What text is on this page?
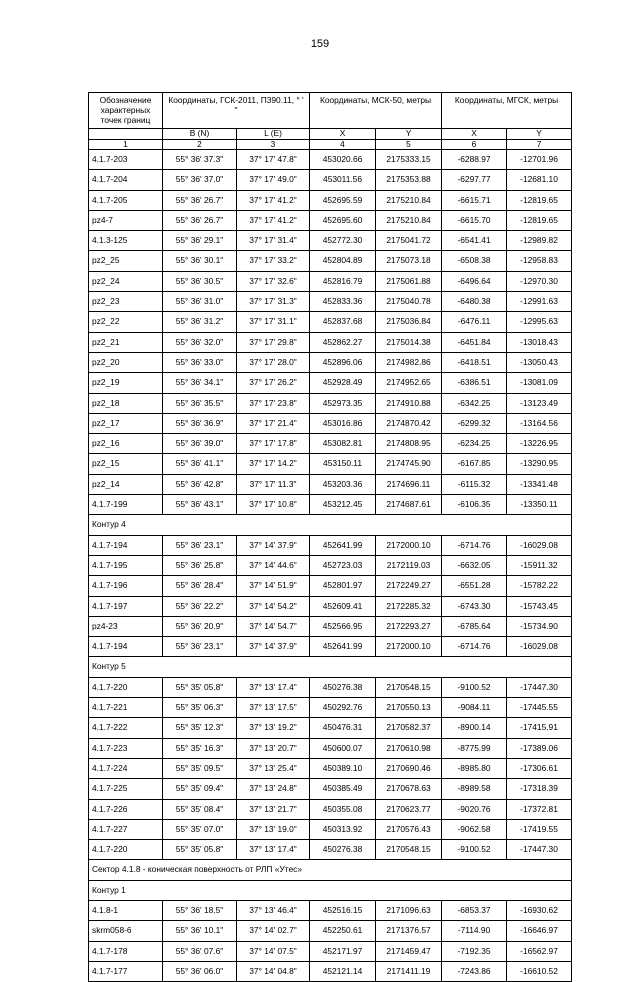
159
Обозначение характерных точек границ	Координаты, ГСК-2011, П390.11, ° ' "		Координаты, МСК-50, метры		Координаты, МГСК, метры	
	B (N)	L (E)	X	Y	X	Y
1	2	3	4	5	6	7
4.1.7-203	55° 36' 37.3"	37° 17' 47.8"	453020.66	2175333.15	-6288.97	-12701.96
4.1.7-204	55° 36' 37.0"	37° 17' 49.0"	453011.56	2175353.88	-6297.77	-12681.10
4.1.7-205	55° 36' 26.7"	37° 17' 41.2"	452695.59	2175210.84	-6615.71	-12819.65
pz4-7	55° 36' 26.7"	37° 17' 41.2"	452695.60	2175210.84	-6615.70	-12819.65
4.1.3-125	55° 36' 29.1"	37° 17' 31.4"	452772.30	2175041.72	-6541.41	-12989.82
pz2_25	55° 36' 30.1"	37° 17' 33.2"	452804.89	2175073.18	-6508.38	-12958.83
pz2_24	55° 36' 30.5"	37° 17' 32.6"	452816.79	2175061.88	-6496.64	-12970.30
pz2_23	55° 36' 31.0"	37° 17' 31.3"	452833.36	2175040.78	-6480.38	-12991.63
pz2_22	55° 36' 31.2"	37° 17' 31.1"	452837.68	2175036.84	-6476.11	-12995.63
pz2_21	55° 36' 32.0"	37° 17' 29.8"	452862.27	2175014.38	-6451.84	-13018.43
pz2_20	55° 36' 33.0"	37° 17' 28.0"	452896.06	2174982.86	-6418.51	-13050.43
pz2_19	55° 36' 34.1"	37° 17' 26.2"	452928.49	2174952.65	-6386.51	-13081.09
pz2_18	55° 36' 35.5"	37° 17' 23.8"	452973.35	2174910.88	-6342.25	-13123.49
pz2_17	55° 36' 36.9"	37° 17' 21.4"	453016.86	2174870.42	-6299.32	-13164.56
pz2_16	55° 36' 39.0"	37° 17' 17.8"	453082.81	2174808.95	-6234.25	-13226.95
pz2_15	55° 36' 41.1"	37° 17' 14.2"	453150.11	2174745.90	-6167.85	-13290.95
pz2_14	55° 36' 42.8"	37° 17' 11.3"	453203.36	2174696.11	-6115.32	-13341.48
4.1.7-199	55° 36' 43.1"	37° 17' 10.8"	453212.45	2174687.61	-6106.35	-13350.11
Контур 4						
4.1.7-194	55° 36' 23.1"	37° 14' 37.9"	452641.99	2172000.10	-6714.76	-16029.08
4.1.7-195	55° 36' 25.8"	37° 14' 44.6"	452723.03	2172119.03	-6632.05	-15911.32
4.1.7-196	55° 36' 28.4"	37° 14' 51.9"	452801.97	2172249.27	-6551.28	-15782.22
4.1.7-197	55° 36' 22.2"	37° 14' 54.2"	452609.41	2172285.32	-6743.30	-15743.45
pz4-23	55° 36' 20.9"	37° 14' 54.7"	452566.95	2172293.27	-6785.64	-15734.90
4.1.7-194	55° 36' 23.1"	37° 14' 37.9"	452641.99	2172000.10	-6714.76	-16029.08
Контур 5						
4.1.7-220	55° 35' 05.8"	37° 13' 17.4"	450276.38	2170548.15	-9100.52	-17447.30
4.1.7-221	55° 35' 06.3"	37° 13' 17.5"	450292.76	2170550.13	-9084.11	-17445.55
4.1.7-222	55° 35' 12.3"	37° 13' 19.2"	450476.31	2170582.37	-8900.14	-17415.91
4.1.7-223	55° 35' 16.3"	37° 13' 20.7"	450600.07	2170610.98	-8775.99	-17389.06
4.1.7-224	55° 35' 09.5"	37° 13' 25.4"	450389.10	2170690.46	-8985.80	-17306.61
4.1.7-225	55° 35' 09.4"	37° 13' 24.8"	450385.49	2170678.63	-8989.58	-17318.39
4.1.7-226	55° 35' 08.4"	37° 13' 21.7"	450355.08	2170623.77	-9020.76	-17372.81
4.1.7-227	55° 35' 07.0"	37° 13' 19.0"	450313.92	2170576.43	-9062.58	-17419.55
4.1.7-220	55° 35' 05.8"	37° 13' 17.4"	450276.38	2170548.15	-9100.52	-17447.30
Сектор 4.1.8 - коническая поверхность от РЛП «Утес»						
Контур 1						
4.1.8-1	55° 36' 18.5"	37° 13' 46.4"	452516.15	2171096.63	-6853.37	-16930.62
skrm058-6	55° 36' 10.1"	37° 14' 02.7"	452250.61	2171376.57	-7114.90	-16646.97
4.1.7-178	55° 36' 07.6"	37° 14' 07.5"	452171.97	2171459.47	-7192.35	-16562.97
4.1.7-177	55° 36' 06.0"	37° 14' 04.8"	452121.14	2171411.19	-7243.86	-16610.52
